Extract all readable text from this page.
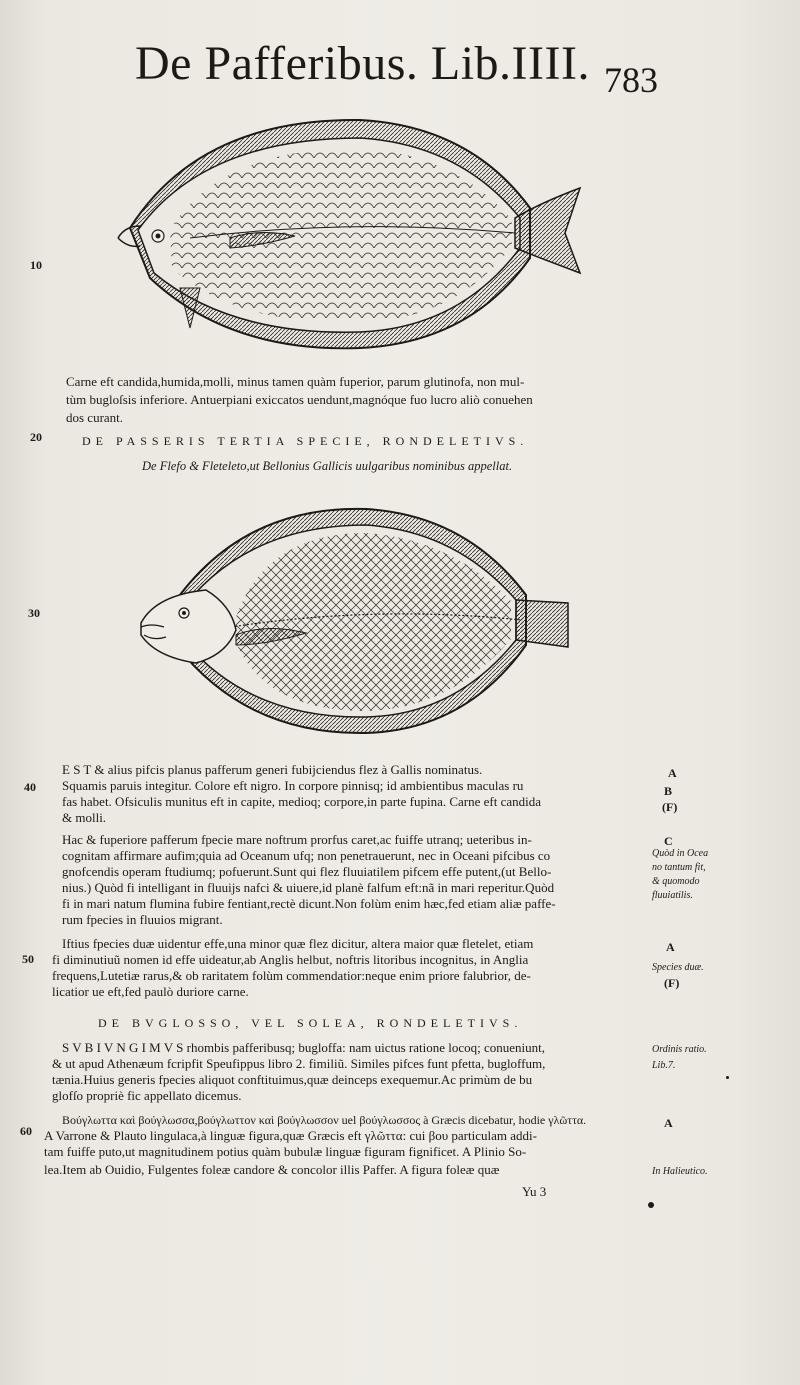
De Pafferibus. Lib.IIII. 783
10
20
30
40
50
60
Carne eft candida,humida,molli, minus tamen quàm fuperior, parum glutinofa, non mul-
tùm bugloſsis inferiore. Antuerpiani exiccatos uendunt,magnóque fuo lucro aliò conuehen
dos curant.
DE PASSERIS TERTIA SPECIE, RONDELETIVS.
De Flefo & Fleteleto,ut Bellonius Gallicis uulgaribus nominibus appellat.
E S T & alius pifcis planus pafferum generi fubijciendus flez à Gallis nominatus.
Squamis paruis integitur. Colore eft nigro. In corpore pinnisq; id ambientibus maculas ru
fas habet. Ofsiculis munitus eft in capite, medioq; corpore,in parte fupina. Carne eft candida
& molli.
Hac & fuperiore pafferum fpecie mare noftrum prorfus caret,ac fuiffe utranq; ueteribus in-
cognitam affirmare aufim;quia ad Oceanum ufq; non penetrauerunt, nec in Oceani pifcibus co
gnofcendis operam ftudiumq; pofuerunt.Sunt qui flez fluuiatilem pifcem effe putent,(ut Bello-
nius.) Quòd fi intelligant in fluuijs nafci & uiuere,id planè falfum eft:nã in mari reperitur.Quòd
fi in mari natum flumina fubire fentiant,rectè dicunt.Non folùm enim hæc,fed etiam aliæ paffe-
rum fpecies in fluuios migrant.
Iftius fpecies duæ uidentur effe,una minor quæ flez dicitur, altera maior quæ fletelet, etiam
fi diminutiuũ nomen id effe uideatur,ab Anglis helbut, noftris litoribus incognitus, in Anglia
frequens,Lutetiæ rarus,& ob raritatem folùm commendatior:neque enim priore falubrior, de-
licatior ue eft,fed paulò duriore carne.
DE BVGLOSSO, VEL SOLEA, RONDELETIVS.
S V B I V N G I M V S rhombis pafferibusq; bugloffa: nam uictus ratione locoq; conueniunt,
& ut apud Athenæum fcripfit Speufippus libro 2. fimiliũ. Similes pifces funt pfetta, bugloffum,
tænia.Huius generis fpecies aliquot conftituimus,quæ deinceps exequemur.Ac primùm de bu
glofſo propriè fic appellato dicemus.
Βούγλωττα καὶ βούγλωσσα,βούγλωττον καὶ βούγλωσσον uel βούγλωσσος à Græcis dicebatur, hodie γλῶττα.
A Varrone & Plauto lingulaca,à linguæ figura,quæ Græcis eft γλῶττα: cui βου particulam addi-
tam fuiffe puto,ut magnitudinem potius quàm bubulæ linguæ figuram fignificet. A Plinio So-
lea.Item ab Ouidio, Fulgentes foleæ candore & concolor illis Paffer. A figura foleæ quæ
Yu 3
A
B
(F)
C
A
(F)
A
Quòd in Ocea
no tantum fit,
& quomodo
fluuiatilis.
Species duæ.
Ordinis ratio.
Lib.7.
In Halieutico.
